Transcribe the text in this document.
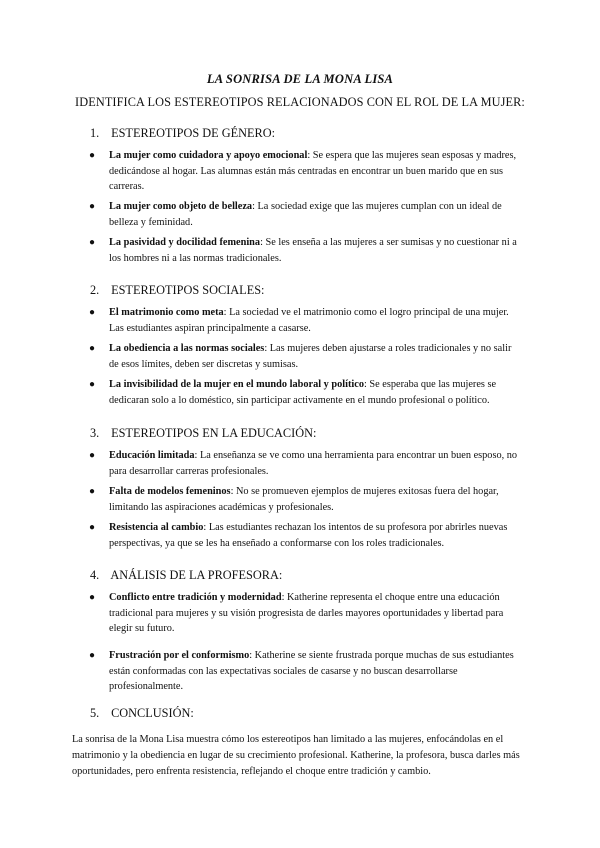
LA SONRISA DE LA MONA LISA
IDENTIFICA LOS ESTEREOTIPOS RELACIONADOS CON EL ROL DE LA MUJER:
1. ESTEREOTIPOS DE GÉNERO:
● La mujer como cuidadora y apoyo emocional: Se espera que las mujeres sean esposas y madres, dedicándose al hogar. Las alumnas están más centradas en encontrar un buen marido que en sus carreras.
● La mujer como objeto de belleza: La sociedad exige que las mujeres cumplan con un ideal de belleza y feminidad.
● La pasividad y docilidad femenina: Se les enseña a las mujeres a ser sumisas y no cuestionar ni a los hombres ni a las normas tradicionales.
2. ESTEREOTIPOS SOCIALES:
● El matrimonio como meta: La sociedad ve el matrimonio como el logro principal de una mujer. Las estudiantes aspiran principalmente a casarse.
● La obediencia a las normas sociales: Las mujeres deben ajustarse a roles tradicionales y no salir de esos límites, deben ser discretas y sumisas.
● La invisibilidad de la mujer en el mundo laboral y político: Se esperaba que las mujeres se dedicaran solo a lo doméstico, sin participar activamente en el mundo profesional o político.
3. ESTEREOTIPOS EN LA EDUCACIÓN:
● Educación limitada: La enseñanza se ve como una herramienta para encontrar un buen esposo, no para desarrollar carreras profesionales.
● Falta de modelos femeninos: No se promueven ejemplos de mujeres exitosas fuera del hogar, limitando las aspiraciones académicas y profesionales.
● Resistencia al cambio: Las estudiantes rechazan los intentos de su profesora por abrirles nuevas perspectivas, ya que se les ha enseñado a conformarse con los roles tradicionales.
4. ANÁLISIS DE LA PROFESORA:
● Conflicto entre tradición y modernidad: Katherine representa el choque entre una educación tradicional para mujeres y su visión progresista de darles mayores oportunidades y libertad para elegir su futuro.
● Frustración por el conformismo: Katherine se siente frustrada porque muchas de sus estudiantes están conformadas con las expectativas sociales de casarse y no buscan desarrollarse profesionalmente.
5. CONCLUSIÓN:
La sonrisa de la Mona Lisa muestra cómo los estereotipos han limitado a las mujeres, enfocándolas en el matrimonio y la obediencia en lugar de su crecimiento profesional. Katherine, la profesora, busca darles más oportunidades, pero enfrenta resistencia, reflejando el choque entre tradición y cambio.
